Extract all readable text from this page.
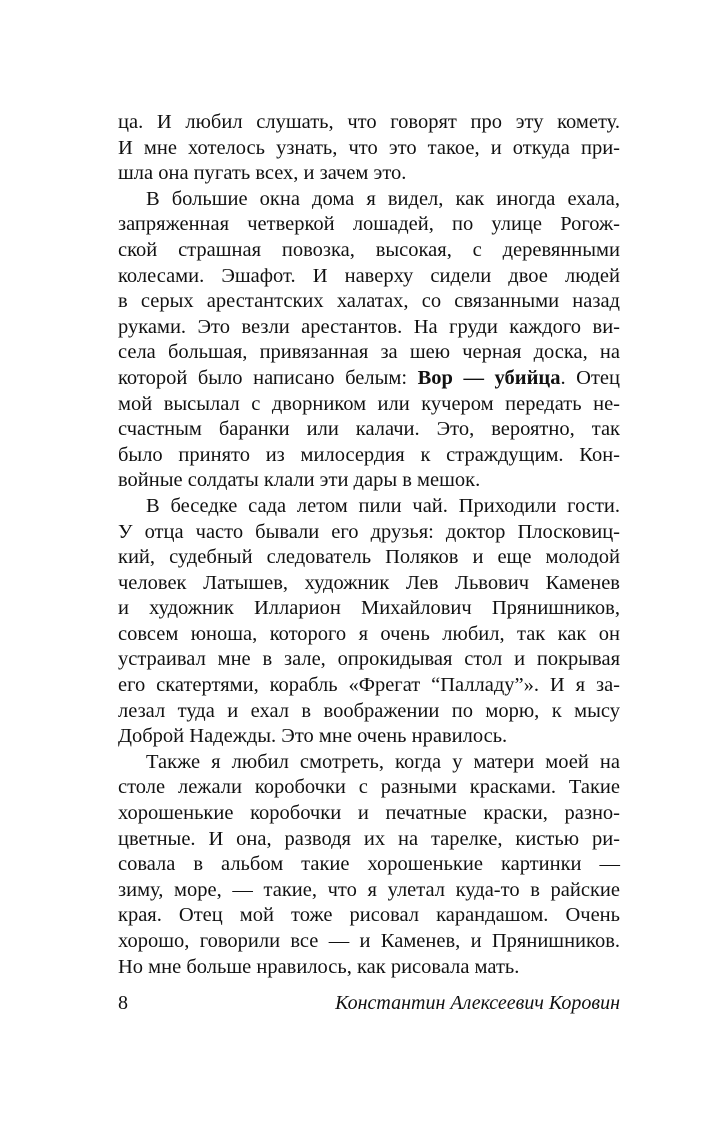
ца. И любил слушать, что говорят про эту комету.
И мне хотелось узнать, что это такое, и откуда при-
шла она пугать всех, и зачем это.
В большие окна дома я видел, как иногда ехала,
запряженная четверкой лошадей, по улице Рогож-
ской страшная повозка, высокая, с деревянными
колесами. Эшафот. И наверху сидели двое людей
в серых арестантских халатах, со связанными назад
руками. Это везли арестантов. На груди каждого ви-
села большая, привязанная за шею черная доска, на
которой было написано белым: Вор — убийца. Отец
мой высылал с дворником или кучером передать не-
счастным баранки или калачи. Это, вероятно, так
было принято из милосердия к страждущим. Кон-
войные солдаты клали эти дары в мешок.
В беседке сада летом пили чай. Приходили гости.
У отца часто бывали его друзья: доктор Плосковиц-
кий, судебный следователь Поляков и еще молодой
человек Латышев, художник Лев Львович Каменев
и художник Илларион Михайлович Прянишников,
совсем юноша, которого я очень любил, так как он
устраивал мне в зале, опрокидывая стол и покрывая
его скатертями, корабль «Фрегат “Палладу”». И я за-
лезал туда и ехал в воображении по морю, к мысу
Доброй Надежды. Это мне очень нравилось.
Также я любил смотреть, когда у матери моей на
столе лежали коробочки с разными красками. Такие
хорошенькие коробочки и печатные краски, разно-
цветные. И она, разводя их на тарелке, кистью ри-
совала в альбом такие хорошенькие картинки —
зиму, море, — такие, что я улетал куда-то в райские
края. Отец мой тоже рисовал карандашом. Очень
хорошо, говорили все — и Каменев, и Прянишников.
Но мне больше нравилось, как рисовала мать.
8	Константин Алексеевич Коровин
